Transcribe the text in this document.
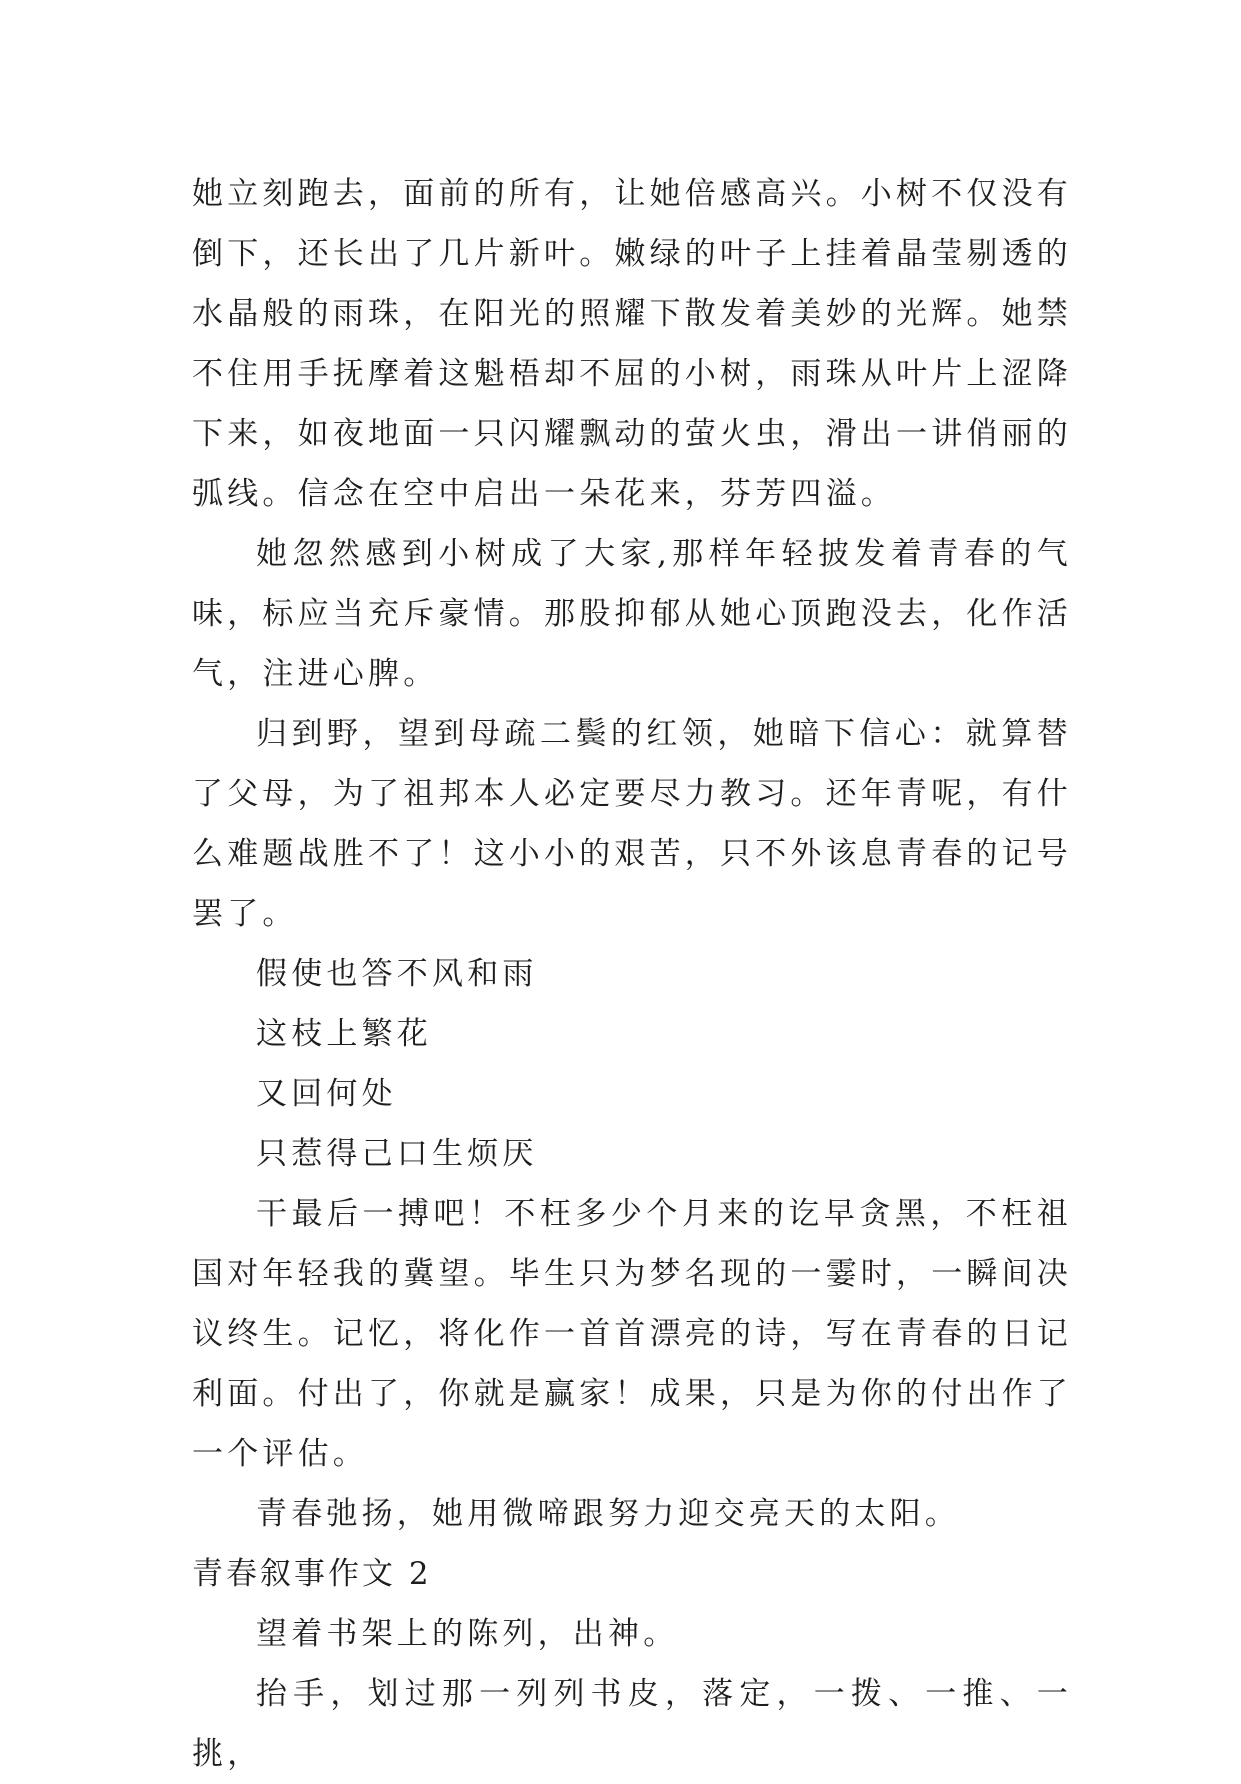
她立刻跑去，面前的所有，让她倍感高兴。小树不仅没有倒下，还长出了几片新叶。嫩绿的叶子上挂着晶莹剔透的水晶般的雨珠，在阳光的照耀下散发着美妙的光辉。她禁不住用手抚摩着这魁梧却不屈的小树，雨珠从叶片上涩降下来，如夜地面一只闪耀飘动的萤火虫，滑出一讲俏丽的弧线。信念在空中启出一朵花来，芬芳四溢。

她忽然感到小树成了大家,那样年轻披发着青春的气味，标应当充斥豪情。那股抑郁从她心顶跑没去，化作活气，注进心脾。

归到野，望到母疏二鬓的红领，她暗下信心：就算替了父母，为了祖邦本人必定要尽力教习。还年青呢，有什么难题战胜不了！这小小的艰苦，只不外该息青春的记号罢了。

假使也答不风和雨

这枝上繁花

又回何处

只惹得己口生烦厌

干最后一搏吧！不枉多少个月来的讫早贪黑，不枉祖国对年轻我的冀望。毕生只为梦名现的一霎时，一瞬间决议终生。记忆，将化作一首首漂亮的诗，写在青春的日记利面。付出了，你就是赢家！成果，只是为你的付出作了一个评估。

青春弛扬，她用微啼跟努力迎交亮天的太阳。

青春叙事作文 2

望着书架上的陈列，出神。

抬手，划过那一列列书皮，落定，一拨、一推、一挑，
